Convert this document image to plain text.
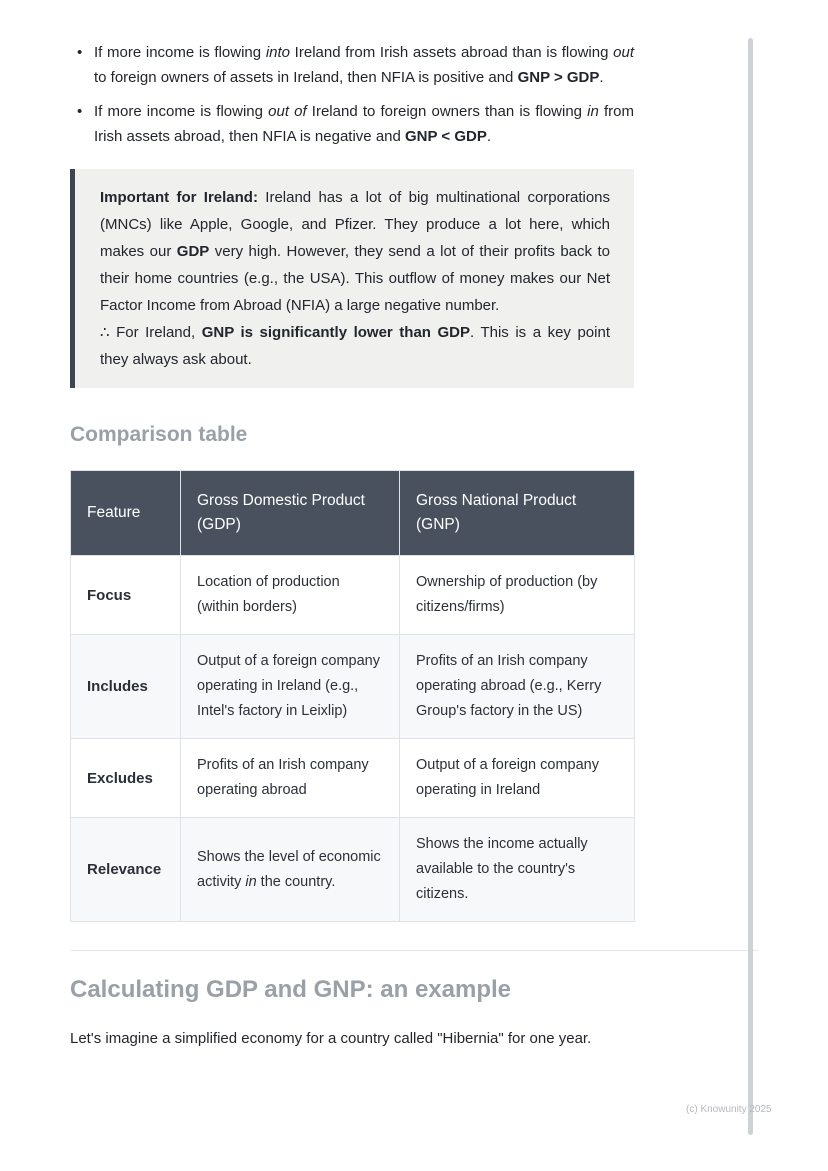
• If more income is flowing into Ireland from Irish assets abroad than is flowing out to foreign owners of assets in Ireland, then NFIA is positive and GNP > GDP.
• If more income is flowing out of Ireland to foreign owners than is flowing in from Irish assets abroad, then NFIA is negative and GNP < GDP.
Important for Ireland: Ireland has a lot of big multinational corporations (MNCs) like Apple, Google, and Pfizer. They produce a lot here, which makes our GDP very high. However, they send a lot of their profits back to their home countries (e.g., the USA). This outflow of money makes our Net Factor Income from Abroad (NFIA) a large negative number.
∴ For Ireland, GNP is significantly lower than GDP. This is a key point they always ask about.
Comparison table
Feature	Gross Domestic Product (GDP)	Gross National Product (GNP)
Focus	Location of production (within borders)	Ownership of production (by citizens/firms)
Includes	Output of a foreign company operating in Ireland (e.g., Intel's factory in Leixlip)	Profits of an Irish company operating abroad (e.g., Kerry Group's factory in the US)
Excludes	Profits of an Irish company operating abroad	Output of a foreign company operating in Ireland
Relevance	Shows the level of economic activity in the country.	Shows the income actually available to the country's citizens.
Calculating GDP and GNP: an example

Let's imagine a simplified economy for a country called "Hibernia" for one year.

(c) Knowunity 2025
